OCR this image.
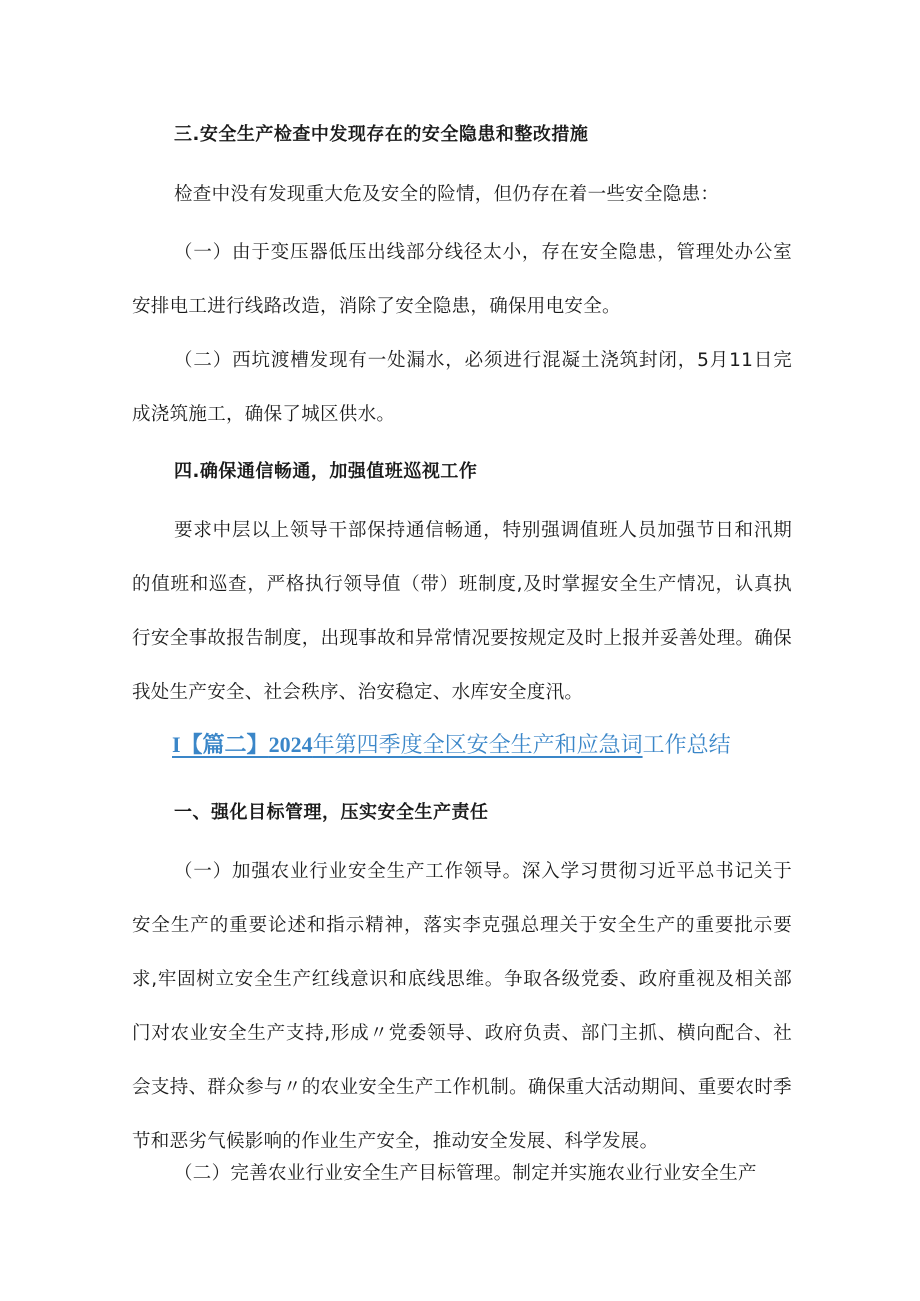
三.安全生产检查中发现存在的安全隐患和整改措施

检查中没有发现重大危及安全的险情，但仍存在着一些安全隐患：

（一）由于变压器低压出线部分线径太小，存在安全隐患，管理处办公室安排电工进行线路改造，消除了安全隐患，确保用电安全。

（二）西坑渡槽发现有一处漏水，必须进行混凝土浇筑封闭，5月11日完成浇筑施工，确保了城区供水。

四.确保通信畅通，加强值班巡视工作

要求中层以上领导干部保持通信畅通，特别强调值班人员加强节日和汛期的值班和巡查，严格执行领导值（带）班制度,及时掌握安全生产情况，认真执行安全事故报告制度，出现事故和异常情况要按规定及时上报并妥善处理。确保我处生产安全、社会秩序、治安稳定、水库安全度汛。

I【篇二】2024年第四季度全区安全生产和应急词工作总结

一、强化目标管理，压实安全生产责任

（一）加强农业行业安全生产工作领导。深入学习贯彻习近平总书记关于安全生产的重要论述和指示精神，落实李克强总理关于安全生产的重要批示要求,牢固树立安全生产红线意识和底线思维。争取各级党委、政府重视及相关部门对农业安全生产支持,形成〃党委领导、政府负责、部门主抓、横向配合、社会支持、群众参与〃的农业安全生产工作机制。确保重大活动期间、重要农时季节和恶劣气候影响的作业生产安全，推动安全发展、科学发展。

（二）完善农业行业安全生产目标管理。制定并实施农业行业安全生产
